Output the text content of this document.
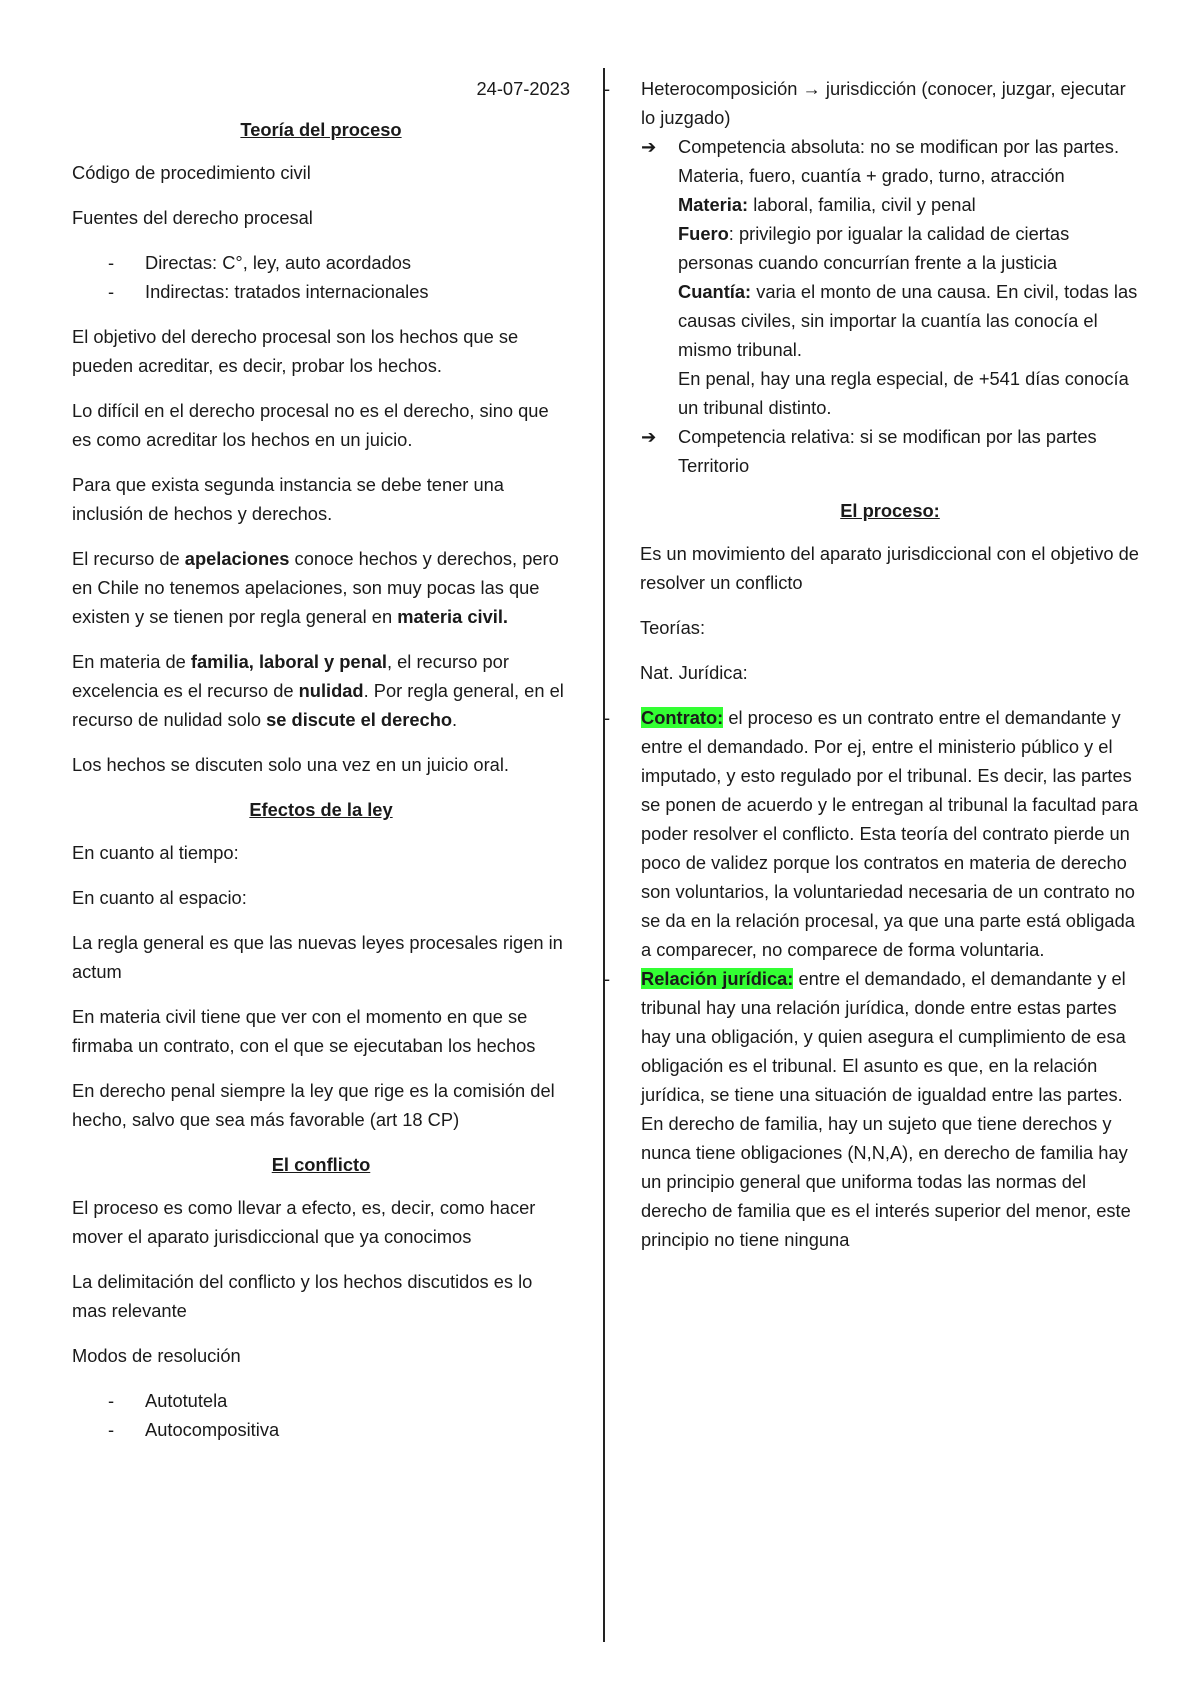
24-07-2023

Teoría del proceso

Código de procedimiento civil

Fuentes del derecho procesal

- Directas: C°, ley, auto acordados
- Indirectas: tratados internacionales

El objetivo del derecho procesal son los hechos que se pueden acreditar, es decir, probar los hechos.

Lo difícil en el derecho procesal no es el derecho, sino que es como acreditar los hechos en un juicio.

Para que exista segunda instancia se debe tener una inclusión de hechos y derechos.

El recurso de apelaciones conoce hechos y derechos, pero en Chile no tenemos apelaciones, son muy pocas las que existen y se tienen por regla general en materia civil.

En materia de familia, laboral y penal, el recurso por excelencia es el recurso de nulidad. Por regla general, en el recurso de nulidad solo se discute el derecho.

Los hechos se discuten solo una vez en un juicio oral.

Efectos de la ley

En cuanto al tiempo:

En cuanto al espacio:

La regla general es que las nuevas leyes procesales rigen in actum

En materia civil tiene que ver con el momento en que se firmaba un contrato, con el que se ejecutaban los hechos

En derecho penal siempre la ley que rige es la comisión del hecho, salvo que sea más favorable (art 18 CP)

El conflicto

El proceso es como llevar a efecto, es, decir, como hacer mover el aparato jurisdiccional que ya conocimos

La delimitación del conflicto y los hechos discutidos es lo mas relevante

Modos de resolución

- Autotutela
- Autocompositiva
- Heterocomposición → jurisdicción (conocer, juzgar, ejecutar lo juzgado)
➔ Competencia absoluta: no se modifican por las partes.
Materia, fuero, cuantía + grado, turno, atracción
Materia: laboral, familia, civil y penal
Fuero: privilegio por igualar la calidad de ciertas personas cuando concurrían frente a la justicia
Cuantía: varia el monto de una causa. En civil, todas las causas civiles, sin importar la cuantía las conocía el mismo tribunal.
En penal, hay una regla especial, de +541 días conocía un tribunal distinto.
➔ Competencia relativa: si se modifican por las partes
Territorio

El proceso:

Es un movimiento del aparato jurisdiccional con el objetivo de resolver un conflicto

Teorías:

Nat. Jurídica:

- Contrato: el proceso es un contrato entre el demandante y entre el demandado. Por ej, entre el ministerio público y el imputado, y esto regulado por el tribunal. Es decir, las partes se ponen de acuerdo y le entregan al tribunal la facultad para poder resolver el conflicto. Esta teoría del contrato pierde un poco de validez porque los contratos en materia de derecho son voluntarios, la voluntariedad necesaria de un contrato no se da en la relación procesal, ya que una parte está obligada a comparecer, no comparece de forma voluntaria.
- Relación jurídica: entre el demandado, el demandante y el tribunal hay una relación jurídica, donde entre estas partes hay una obligación, y quien asegura el cumplimiento de esa obligación es el tribunal. El asunto es que, en la relación jurídica, se tiene una situación de igualdad entre las partes. En derecho de familia, hay un sujeto que tiene derechos y nunca tiene obligaciones (N,N,A), en derecho de familia hay un principio general que uniforma todas las normas del derecho de familia que es el interés superior del menor, este principio no tiene ninguna
